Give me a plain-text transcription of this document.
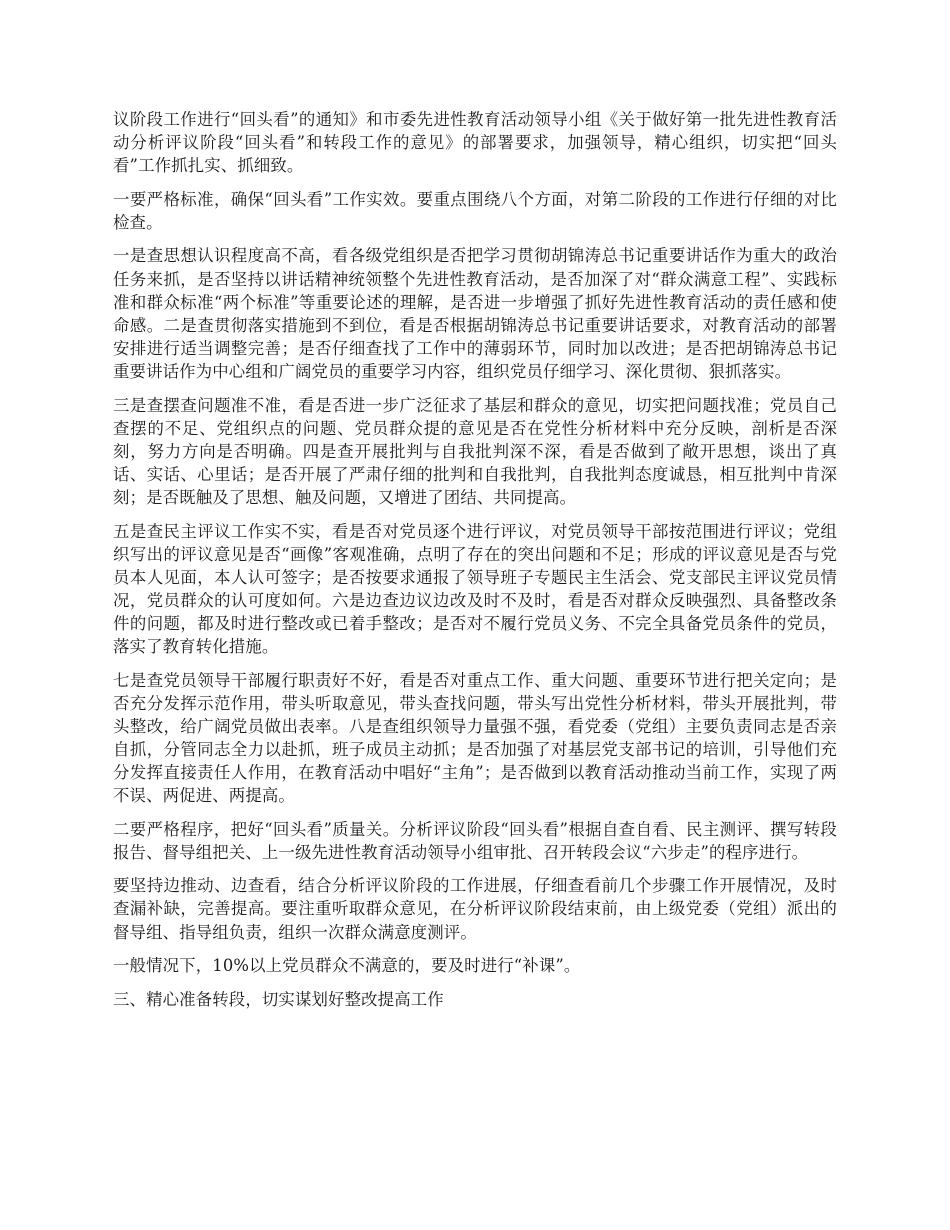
议阶段工作进行“回头看”的通知》和市委先进性教育活动领导小组《关于做好第一批先进性教育活动分析评议阶段“回头看”和转段工作的意见》的部署要求，加强领导，精心组织，切实把“回头看”工作抓扎实、抓细致。

一要严格标准，确保“回头看”工作实效。要重点围绕八个方面，对第二阶段的工作进行仔细的对比检查。

一是查思想认识程度高不高，看各级党组织是否把学习贯彻胡锦涛总书记重要讲话作为重大的政治任务来抓，是否坚持以讲话精神统领整个先进性教育活动，是否加深了对“群众满意工程”、实践标准和群众标准“两个标准”等重要论述的理解，是否进一步增强了抓好先进性教育活动的责任感和使命感。二是查贯彻落实措施到不到位，看是否根据胡锦涛总书记重要讲话要求，对教育活动的部署安排进行适当调整完善；是否仔细查找了工作中的薄弱环节，同时加以改进；是否把胡锦涛总书记重要讲话作为中心组和广阔党员的重要学习内容，组织党员仔细学习、深化贯彻、狠抓落实。

三是查摆查问题准不准，看是否进一步广泛征求了基层和群众的意见，切实把问题找准；党员自己查摆的不足、党组织点的问题、党员群众提的意见是否在党性分析材料中充分反映，剖析是否深刻，努力方向是否明确。四是查开展批判与自我批判深不深，看是否做到了敞开思想，谈出了真话、实话、心里话；是否开展了严肃仔细的批判和自我批判，自我批判态度诚恳，相互批判中肯深刻；是否既触及了思想、触及问题，又增进了团结、共同提高。

五是查民主评议工作实不实，看是否对党员逐个进行评议，对党员领导干部按范围进行评议；党组织写出的评议意见是否“画像”客观准确，点明了存在的突出问题和不足；形成的评议意见是否与党员本人见面，本人认可签字；是否按要求通报了领导班子专题民主生活会、党支部民主评议党员情况，党员群众的认可度如何。六是边查边议边改及时不及时，看是否对群众反映强烈、具备整改条件的问题，都及时进行整改或已着手整改；是否对不履行党员义务、不完全具备党员条件的党员，落实了教育转化措施。

七是查党员领导干部履行职责好不好，看是否对重点工作、重大问题、重要环节进行把关定向；是否充分发挥示范作用，带头听取意见，带头查找问题，带头写出党性分析材料，带头开展批判，带头整改，给广阔党员做出表率。八是查组织领导力量强不强，看党委（党组）主要负责同志是否亲自抓，分管同志全力以赴抓，班子成员主动抓；是否加强了对基层党支部书记的培训，引导他们充分发挥直接责任人作用，在教育活动中唱好“主角”；是否做到以教育活动推动当前工作，实现了两不误、两促进、两提高。

二要严格程序，把好“回头看”质量关。分析评议阶段“回头看”根据自查自看、民主测评、撰写转段报告、督导组把关、上一级先进性教育活动领导小组审批、召开转段会议“六步走”的程序进行。

要坚持边推动、边查看，结合分析评议阶段的工作进展，仔细查看前几个步骤工作开展情况，及时查漏补缺，完善提高。要注重听取群众意见，在分析评议阶段结束前，由上级党委（党组）派出的督导组、指导组负责，组织一次群众满意度测评。

一般情况下，10%以上党员群众不满意的，要及时进行“补课”。

三、精心准备转段，切实谋划好整改提高工作
